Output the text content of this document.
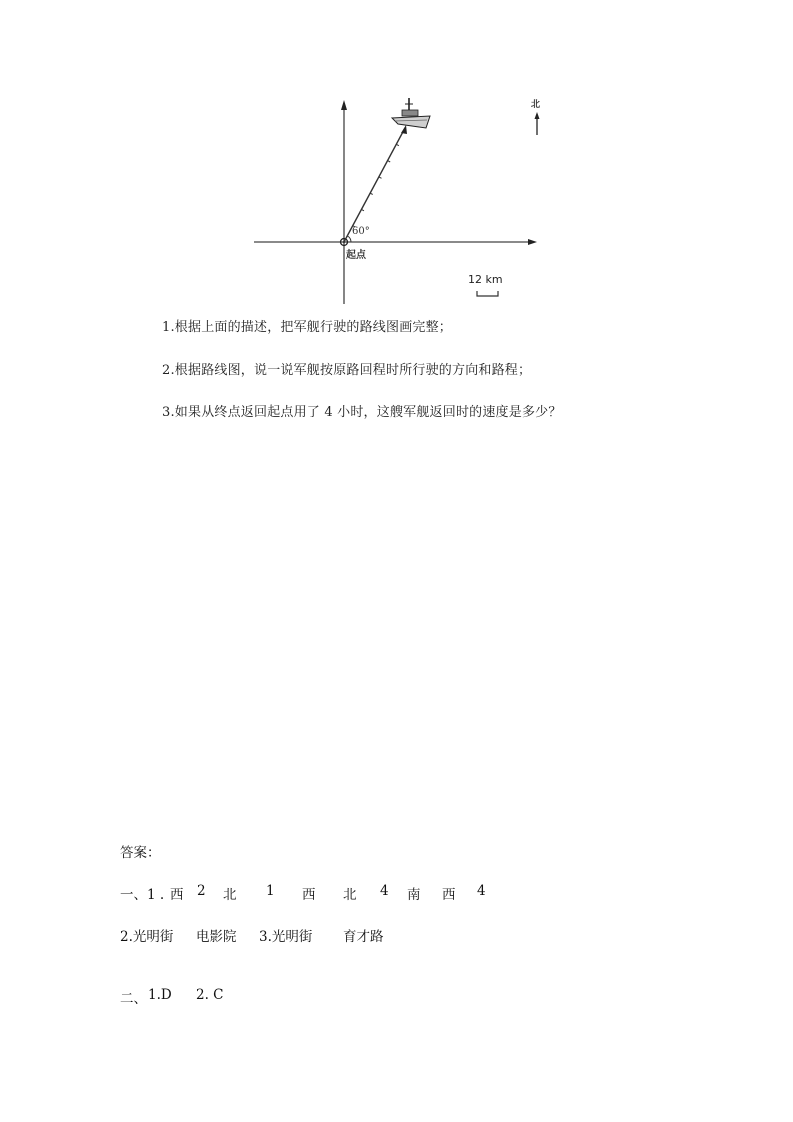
北
60°
起点
12 km
1.根据上面的描述，把军舰行驶的路线图画完整；
2.根据路线图，说一说军舰按原路回程时所行驶的方向和路程；
3.如果从终点返回起点用了 4 小时，这艘军舰返回时的速度是多少？
答案：
一、1 . 西 2 北 1 西 北 4 南 西 4
2.光明街 电影院 3.光明街 育才路
二、 1.D 2. C
